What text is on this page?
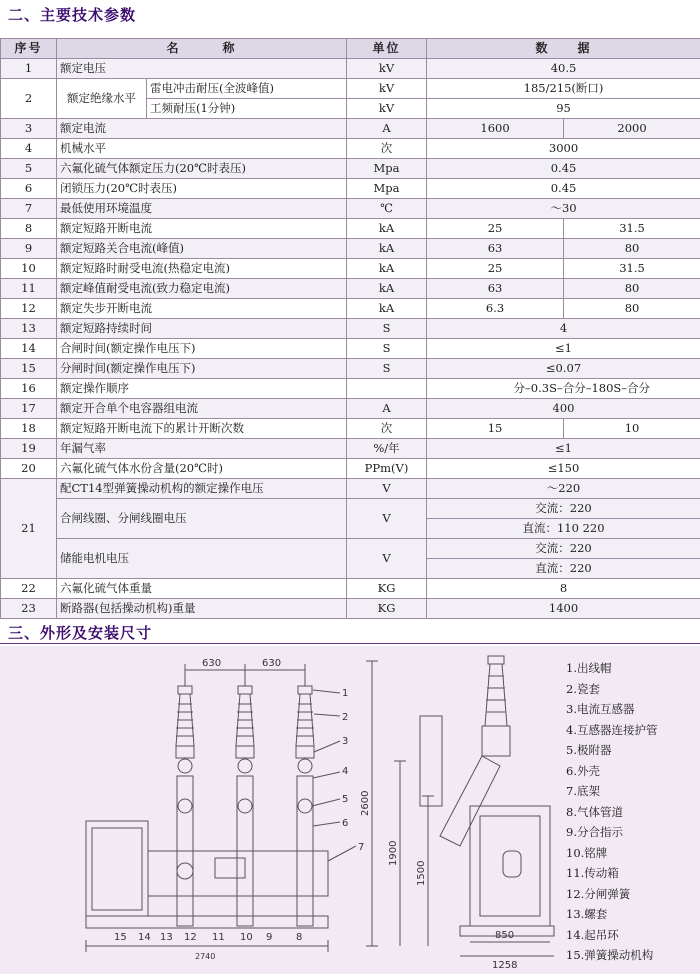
二、主要技术参数
序号	名　　　称		单位	数　　据	
1	额定电压		kV	40.5	
2	额定绝缘水平	雷电冲击耐压(全波峰值)	kV	185/215(断口)	
		工频耐压(1分钟)	kV	95	
3	额定电流		A	1600	2000
4	机械水平		次	3000	
5	六氟化硫气体额定压力(20℃时表压)		Mpa	0.45	
6	闭锁压力(20℃时表压)		Mpa	0.45	
7	最低使用环境温度		℃	～30	
8	额定短路开断电流		kA	25	31.5
9	额定短路关合电流(峰值)		kA	63	80
10	额定短路时耐受电流(热稳定电流)		kA	25	31.5
11	额定峰值耐受电流(致力稳定电流)		kA	63	80
12	额定失步开断电流		kA	6.3	80
13	额定短路持续时间		S	4	
14	合闸时间(额定操作电压下)		S	≤1	
15	分闸时间(额定操作电压下)		S	≤0.07	
16	额定操作顺序			分–0.3S–合分–180S–合分	
17	额定开合单个电容器组电流		A	400	
18	额定短路开断电流下的累计开断次数		次	15	10
19	年漏气率		%/年	≤1	
20	六氟化硫气体水份含量(20℃时)		PPm(V)	≤150	
21	配CT14型弹簧操动机构的额定操作电压		V	～220	
	合闸线圈、分闸线圈电压		V	交流：220	
				直流：110 220	
	储能电机电压		V	交流：220	
				直流：220	
22	六氟化硫气体重量		KG	8	
23	断路器(包括操动机构)重量		KG	1400	
三、外形及安装尺寸
630	630
2740
2600
1900
1500
850
1258
1
2
3
4
5
6
7
8
9
10
11
12
13
14
15
1.出线帽
2.瓷套
3.电流互感器
4.互感器连接护管
5.极附器
6.外壳
7.底架
8.气体管道
9.分合指示
10.铭牌
11.传动箱
12.分闸弹簧
13.螺套
14.起吊环
15.弹簧操动机构
